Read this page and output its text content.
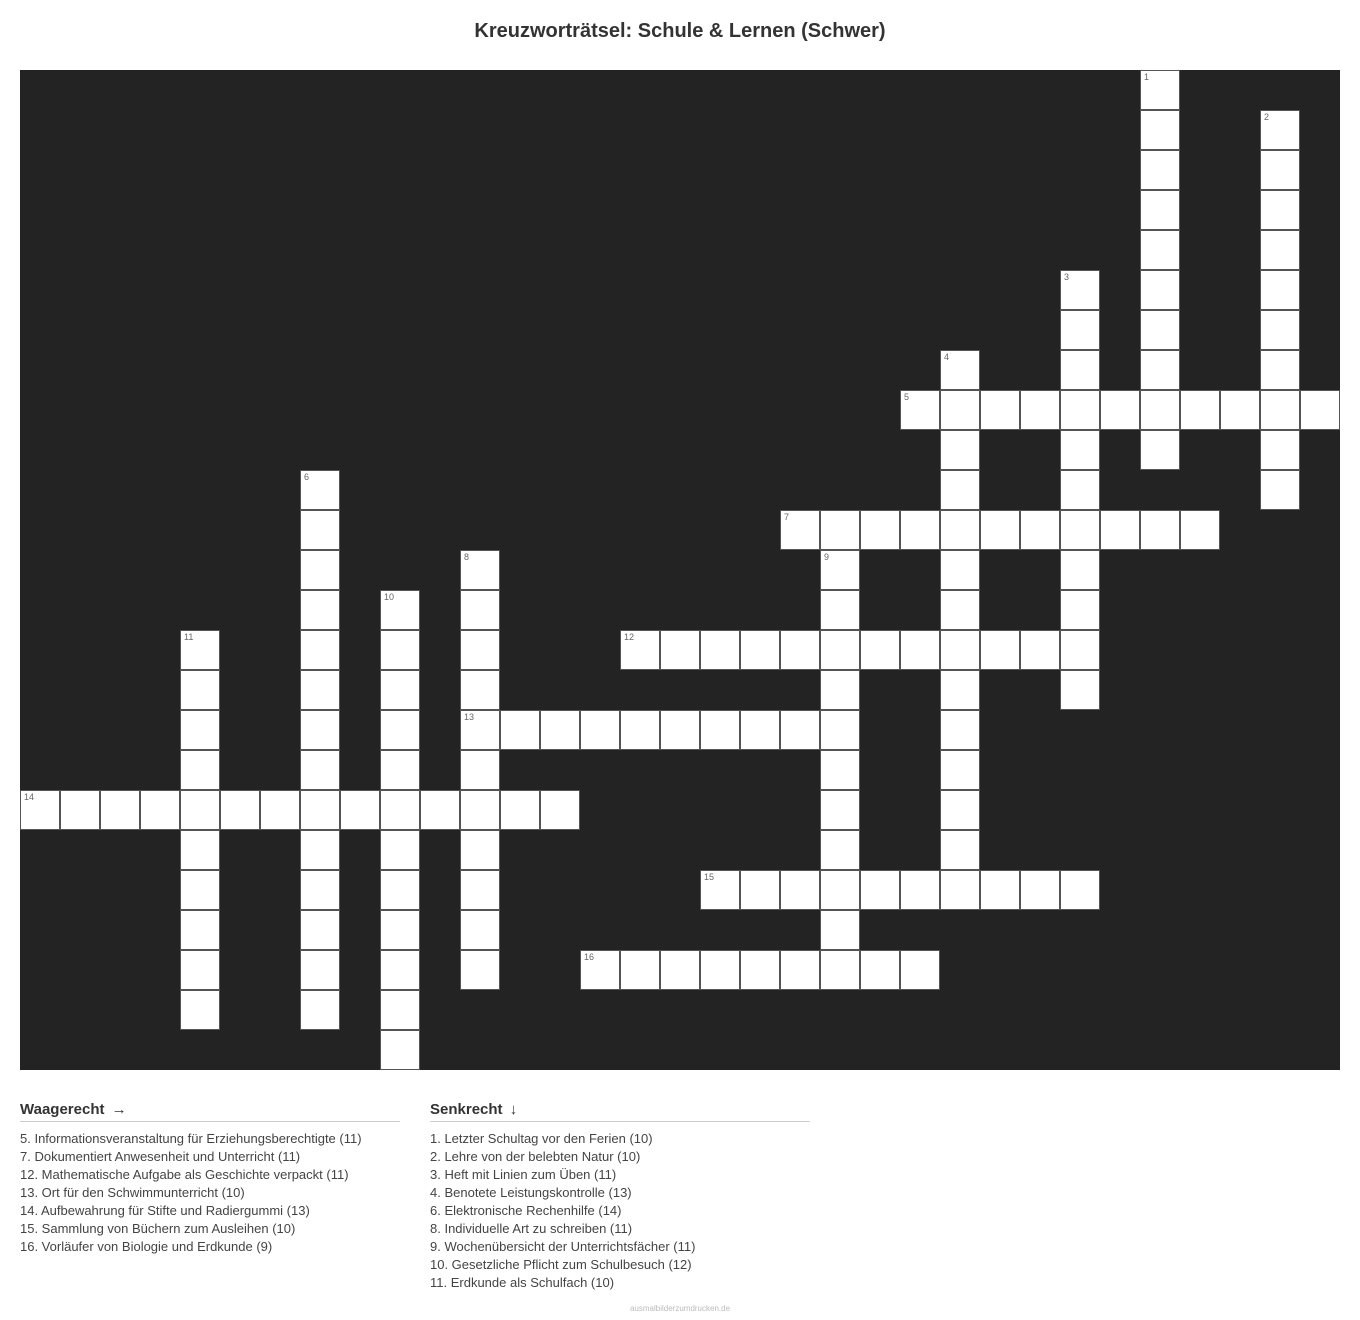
Kreuzworträtsel: Schule & Lernen (Schwer)
1
2
3
4
5
6
7
8
13
9
10
11	12
14
15
16
Waagerecht →
5. Informationsveranstaltung für Erziehungsberechtigte (11)
7. Dokumentiert Anwesenheit und Unterricht (11)
12. Mathematische Aufgabe als Geschichte verpackt (11)
13. Ort für den Schwimmunterricht (10)
14. Aufbewahrung für Stifte und Radiergummi (13)
15. Sammlung von Büchern zum Ausleihen (10)
16. Vorläufer von Biologie und Erdkunde (9)
Senkrecht ↓
1. Letzter Schultag vor den Ferien (10)
2. Lehre von der belebten Natur (10)
3. Heft mit Linien zum Üben (11)
4. Benotete Leistungskontrolle (13)
6. Elektronische Rechenhilfe (14)
8. Individuelle Art zu schreiben (11)
9. Wochenübersicht der Unterrichtsfächer (11)
10. Gesetzliche Pflicht zum Schulbesuch (12)
11. Erdkunde als Schulfach (10)
ausmalbilderzumdrucken.de
